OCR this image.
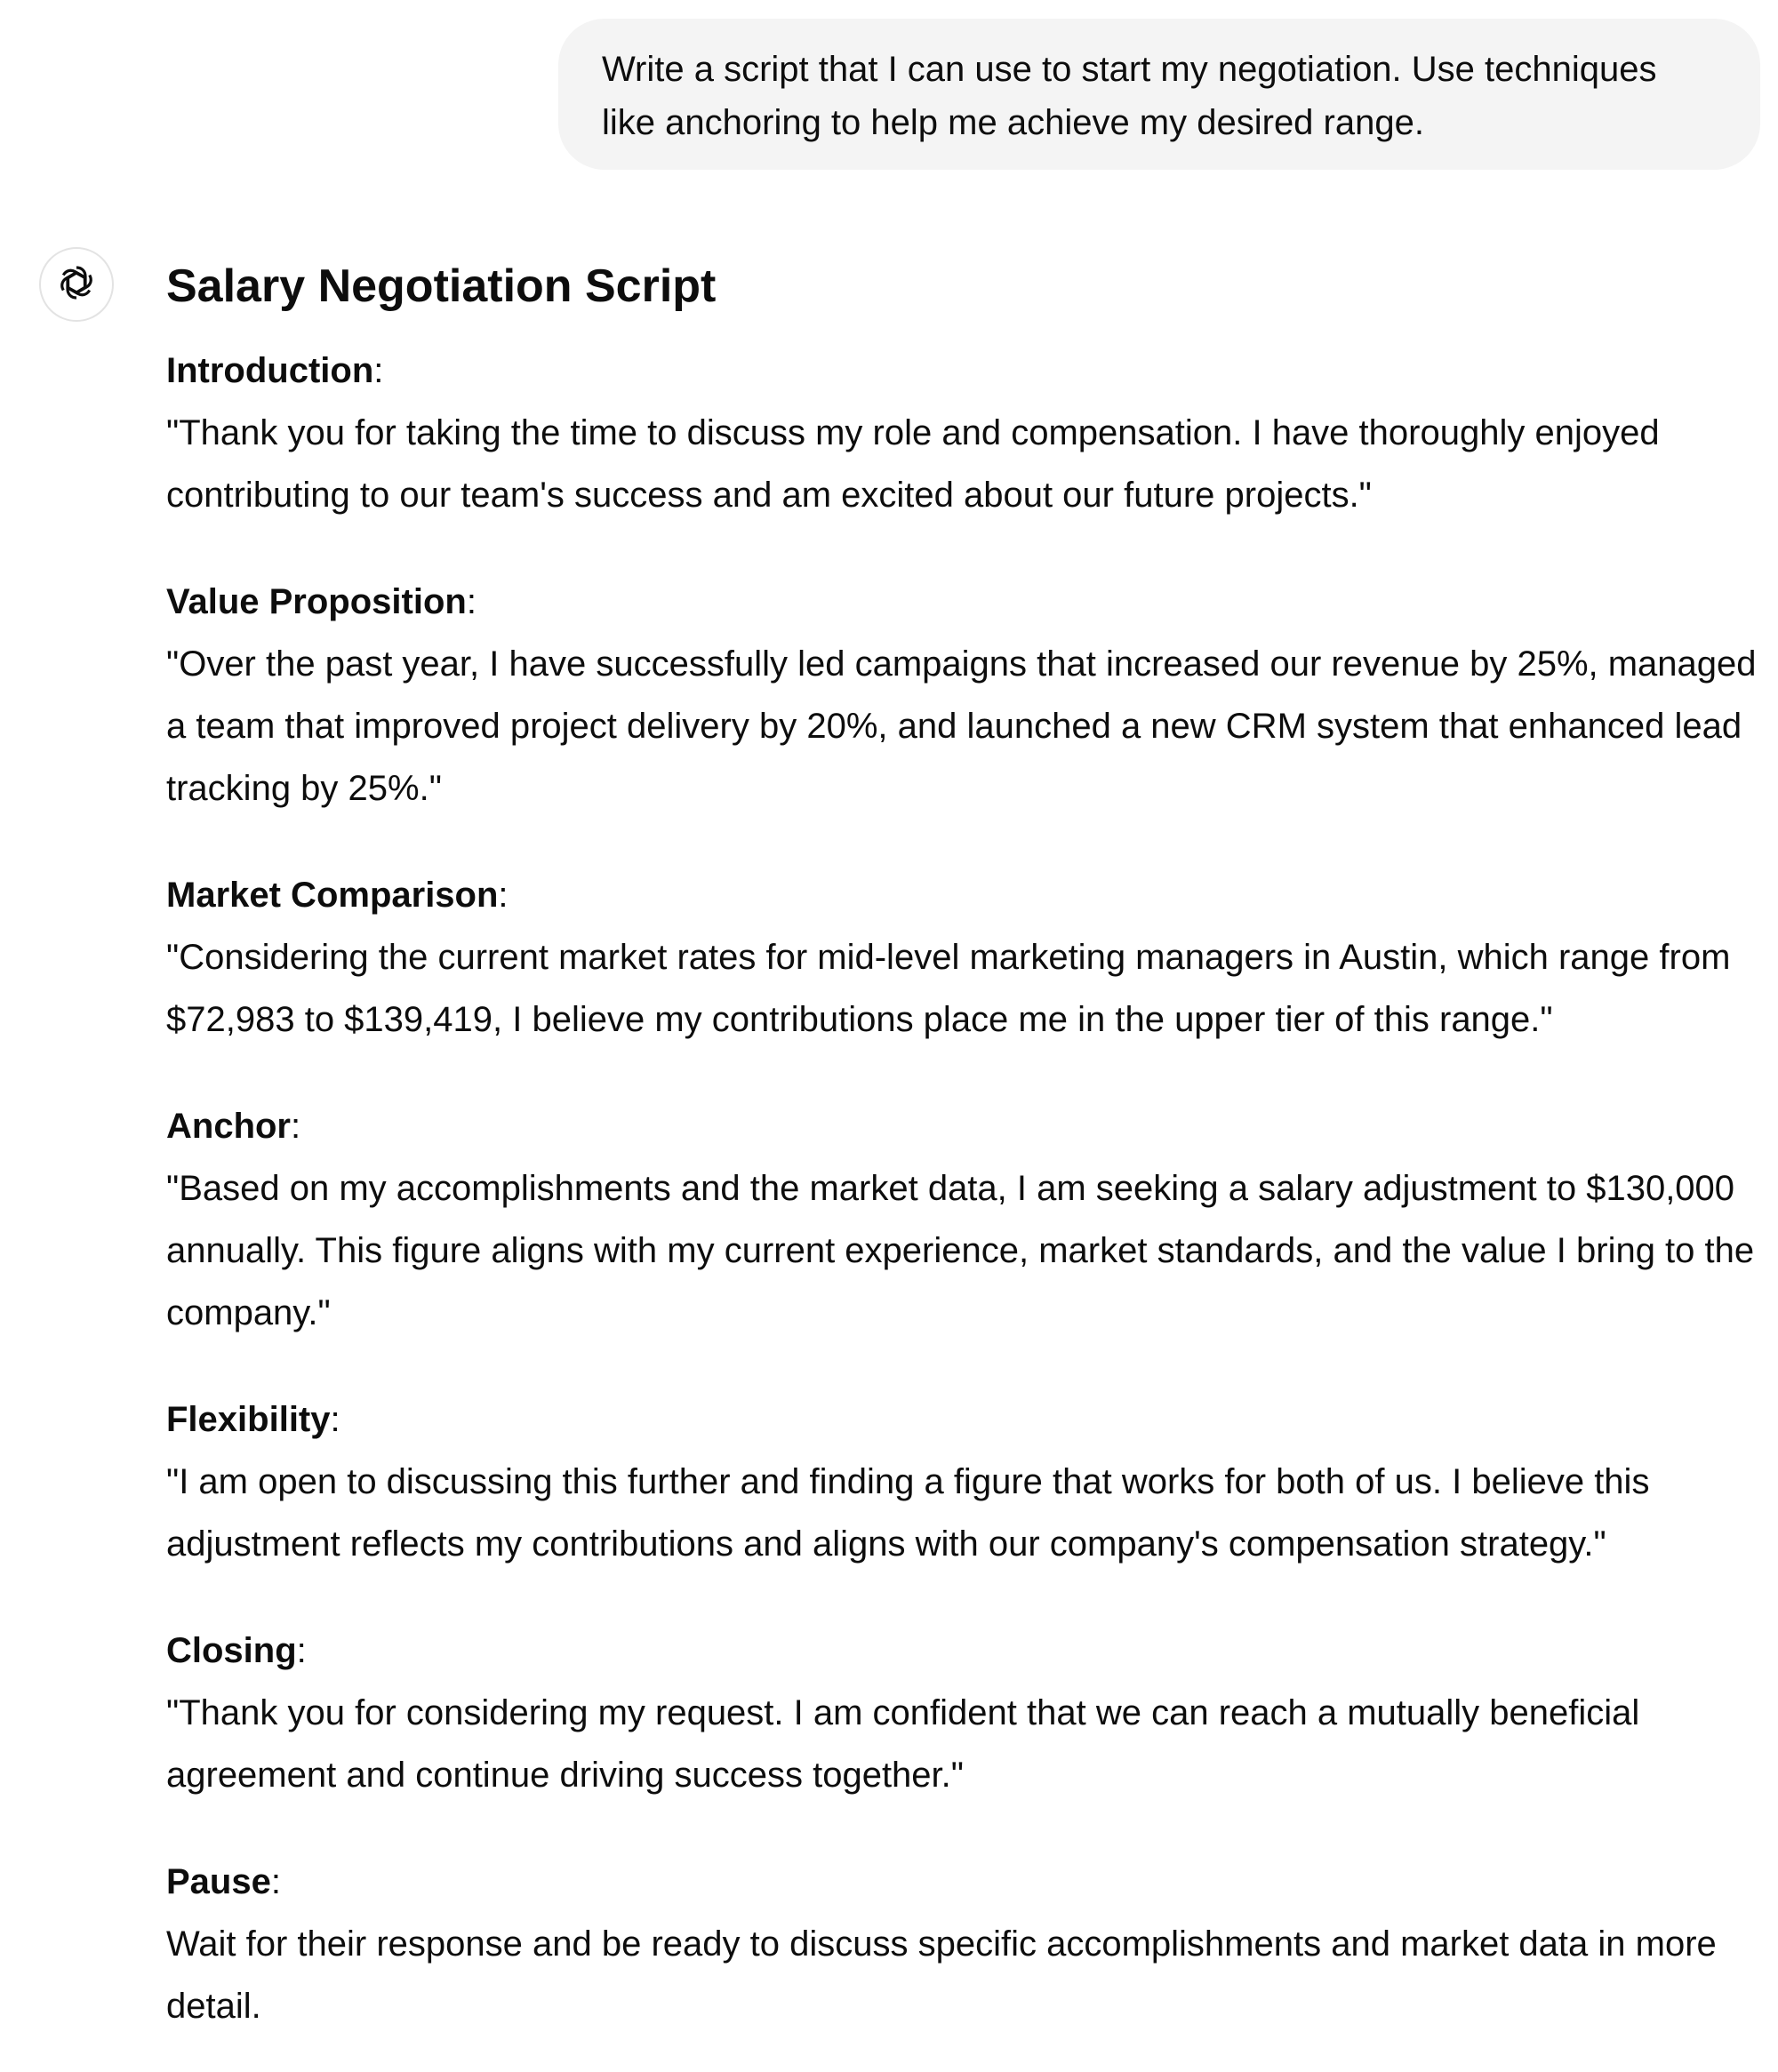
Write a script that I can use to start my negotiation. Use techniques like anchoring to help me achieve my desired range.
Salary Negotiation Script
Introduction:

"Thank you for taking the time to discuss my role and compensation. I have thoroughly enjoyed contributing to our team's success and am excited about our future projects."

Value Proposition:

"Over the past year, I have successfully led campaigns that increased our revenue by 25%, managed a team that improved project delivery by 20%, and launched a new CRM system that enhanced lead tracking by 25%."

Market Comparison:

"Considering the current market rates for mid-level marketing managers in Austin, which range from $72,983 to $139,419, I believe my contributions place me in the upper tier of this range."

Anchor:

"Based on my accomplishments and the market data, I am seeking a salary adjustment to $130,000 annually. This figure aligns with my current experience, market standards, and the value I bring to the company."

Flexibility:

"I am open to discussing this further and finding a figure that works for both of us. I believe this adjustment reflects my contributions and aligns with our company's compensation strategy."

Closing:

"Thank you for considering my request. I am confident that we can reach a mutually beneficial agreement and continue driving success together."

Pause:

Wait for their response and be ready to discuss specific accomplishments and market data in more detail.
